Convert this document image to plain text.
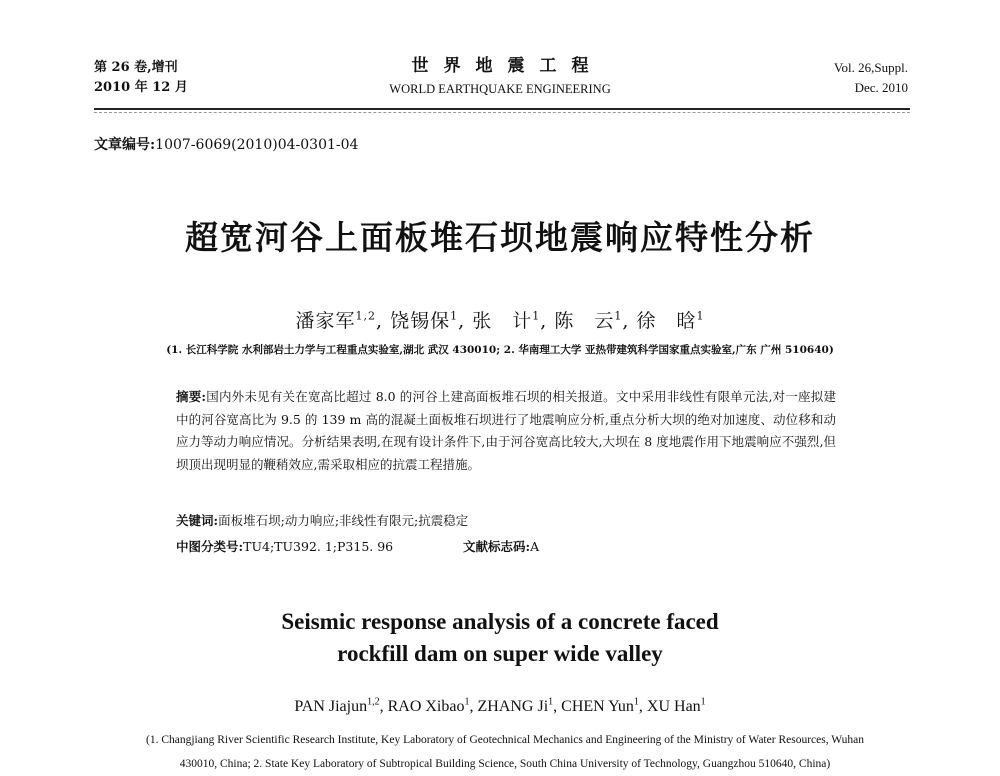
第 26 卷,增刊
2010 年 12 月
世界地震工程
WORLD EARTHQUAKE ENGINEERING
Vol. 26,Suppl.
Dec. 2010
文章编号:1007-6069(2010)04-0301-04
超宽河谷上面板堆石坝地震响应特性分析
潘家军$^{1,2}$, 饶锡保$^1$, 张　计$^1$, 陈　云$^1$, 徐　晗$^1$
(1. 长江科学院 水利部岩土力学与工程重点实验室,湖北 武汉 430010; 2. 华南理工大学 亚热带建筑科学国家重点实验室,广东 广州 510640)
摘要:国内外未见有关在宽高比超过 8.0 的河谷上建高面板堆石坝的相关报道。文中采用非线性有限单元法,对一座拟建中的河谷宽高比为 9.5 的 139 m 高的混凝土面板堆石坝进行了地震响应分析,重点分析大坝的绝对加速度、动位移和动应力等动力响应情况。分析结果表明,在现有设计条件下,由于河谷宽高比较大,大坝在 8 度地震作用下地震响应不强烈,但坝顶出现明显的鞭稍效应,需采取相应的抗震工程措施。
关键词:面板堆石坝;动力响应;非线性有限元;抗震稳定
中图分类号:TU4;TU392. 1;P315. 96	文献标志码:A
Seismic response analysis of a concrete faced
rockfill dam on super wide valley
PAN Jiajun$^{1,2}$, RAO Xibao$^1$, ZHANG Ji$^1$, CHEN Yun$^1$, XU Han$^1$
(1. Changjiang River Scientific Research Institute, Key Laboratory of Geotechnical Mechanics and Engineering of the Ministry of Water Resources, Wuhan
430010, China; 2. State Key Laboratory of Subtropical Building Science, South China University of Technology, Guangzhou 510640, China)
